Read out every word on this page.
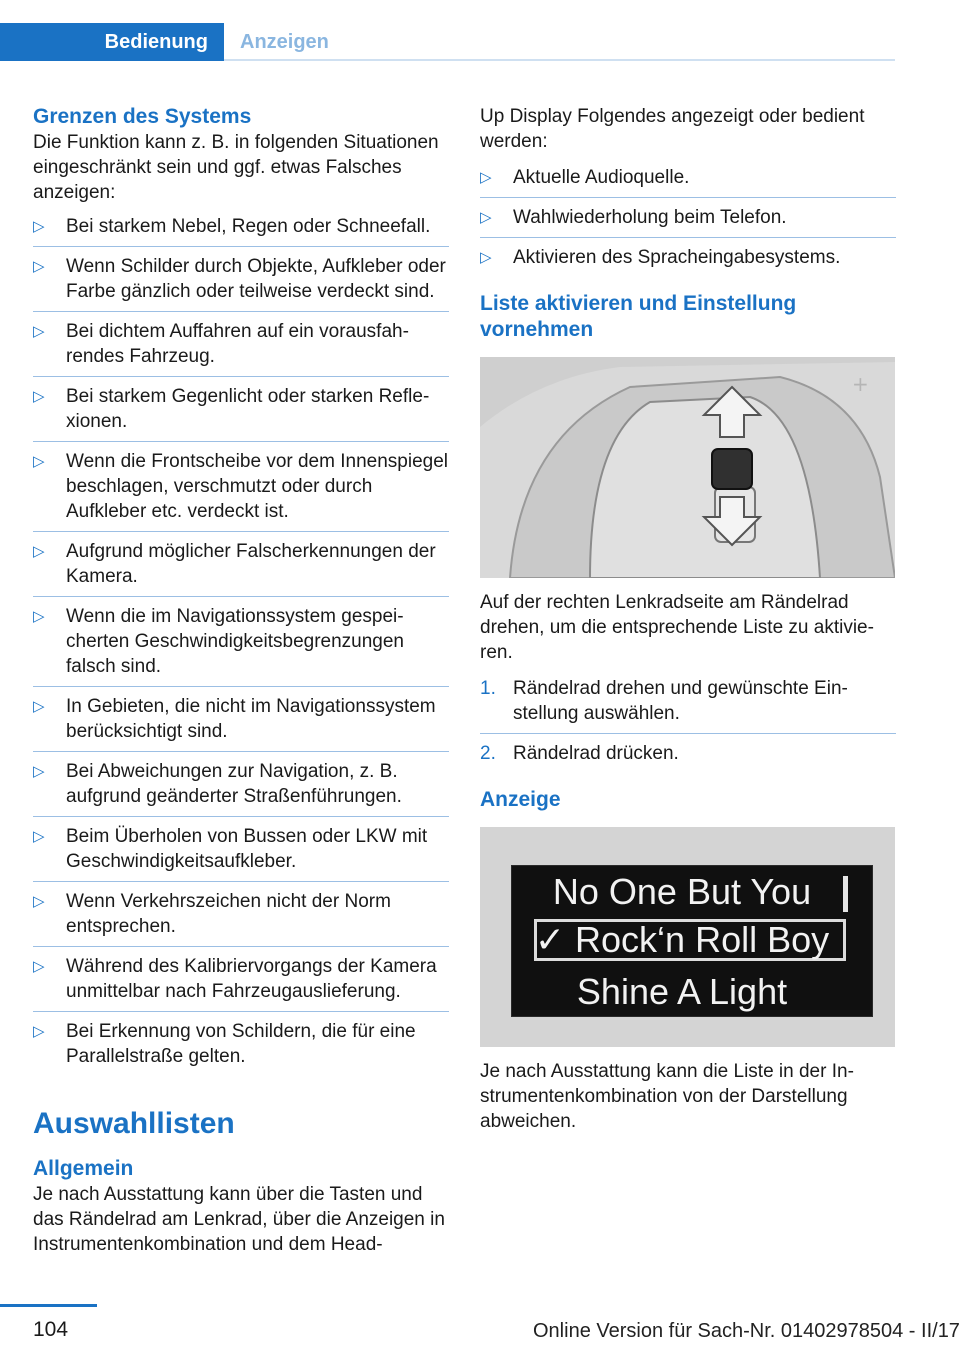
Bedienung	Anzeigen
Grenzen des Systems

Die Funktion kann z. B. in folgenden Situationen eingeschränkt sein und ggf. etwas Falsches anzeigen:

▷ Bei starkem Nebel, Regen oder Schneefall.
▷ Wenn Schilder durch Objekte, Aufkleber oder Farbe gänzlich oder teilweise verdeckt sind.
▷ Bei dichtem Auffahren auf ein vorausfahrendes Fahrzeug.
▷ Bei starkem Gegenlicht oder starken Reflexionen.
▷ Wenn die Frontscheibe vor dem Innenspiegel beschlagen, verschmutzt oder durch Aufkleber etc. verdeckt ist.
▷ Aufgrund möglicher Falscherkennungen der Kamera.
▷ Wenn die im Navigationssystem gespeicherten Geschwindigkeitsbegrenzungen falsch sind.
▷ In Gebieten, die nicht im Navigationssystem berücksichtigt sind.
▷ Bei Abweichungen zur Navigation, z. B. aufgrund geänderter Straßenführungen.
▷ Beim Überholen von Bussen oder LKW mit Geschwindigkeitsaufkleber.
▷ Wenn Verkehrszeichen nicht der Norm entsprechen.
▷ Während des Kalibriervorgangs der Kamera unmittelbar nach Fahrzeugauslieferung.
▷ Bei Erkennung von Schildern, die für eine Parallelstraße gelten.
Auswahllisten
Allgemein

Je nach Ausstattung kann über die Tasten und das Rändelrad am Lenkrad, über die Anzeigen in Instrumentenkombination und dem Head-

Up Display Folgendes angezeigt oder bedient werden:

▷ Aktuelle Audioquelle.
▷ Wahlwiederholung beim Telefon.
▷ Aktivieren des Spracheingabesystems.
Liste aktivieren und Einstellung vornehmen
+

Auf der rechten Lenkradseite am Rändelrad drehen, um die entsprechende Liste zu aktivieren.

1. Rändelrad drehen und gewünschte Einstellung auswählen.
2. Rändelrad drücken.
Anzeige
No One But You
✓ Rock‘n Roll Boy
Shine A Light

Je nach Ausstattung kann die Liste in der Instrumentenkombination von der Darstellung abweichen.

104	Online Version für Sach-Nr. 01402978504 - II/17
